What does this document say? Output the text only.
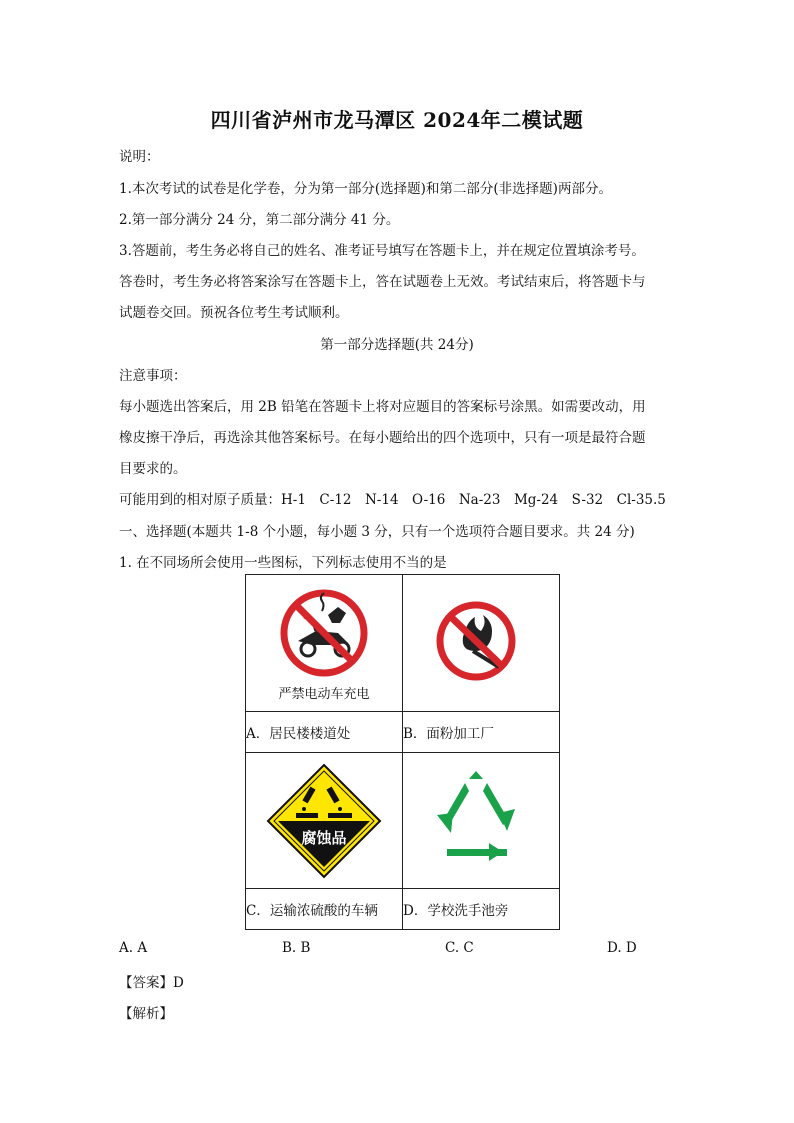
四川省泸州市龙马潭区 2024年二模试题
说明：
1.本次考试的试卷是化学卷，分为第一部分(选择题)和第二部分(非选择题)两部分。
2.第一部分满分 24 分，第二部分满分 41 分。
3.答题前，考生务必将自己的姓名、准考证号填写在答题卡上，并在规定位置填涂考号。
答卷时，考生务必将答案涂写在答题卡上，答在试题卷上无效。考试结束后，将答题卡与
试题卷交回。预祝各位考生考试顺利。
第一部分选择题(共 24分)
注意事项：
每小题选出答案后，用 2B 铅笔在答题卡上将对应题目的答案标号涂黑。如需要改动，用
橡皮擦干净后，再选涂其他答案标号。在每小题给出的四个选项中，只有一项是最符合题
目要求的。
可能用到的相对原子质量：H-1　C-12　N-14　O-16　Na-23　Mg-24　S-32　Cl-35.5
一、选择题(本题共 1-8 个小题，每小题 3 分，只有一个选项符合题目要求。共 24 分)
1. 在不同场所会使用一些图标，下列标志使用不当的是
严禁电动车充电

A．居民楼楼道处	B．面粉加工厂

腐蚀品

C．运输浓硫酸的车辆	D．学校洗手池旁
A. A	B. B	C. C	D. D
【答案】D
【解析】
